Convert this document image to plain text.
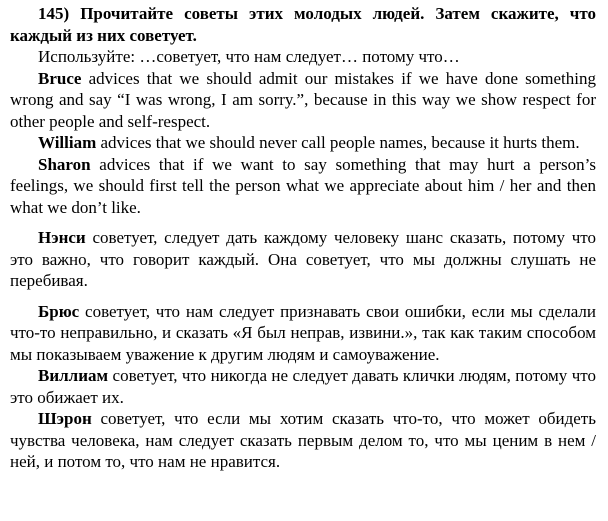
145) Прочитайте советы этих молодых людей. Затем скажите, что каждый из них советует.

Используйте: …советует, что нам следует… потому что…

Bruce advices that we should admit our mistakes if we have done something wrong and say “I was wrong, I am sorry.”, because in this way we show respect for other people and self-respect.

William advices that we should never call people names, because it hurts them.

Sharon advices that if we want to say something that may hurt a person’s feelings, we should first tell the person what we appreciate about him / her and then what we don’t like.

Нэнси советует, следует дать каждому человеку шанс сказать, потому что это важно, что говорит каждый. Она советует, что мы должны слушать не перебивая.

Брюс советует, что нам следует признавать свои ошибки, если мы сделали что-то неправильно, и сказать «Я был неправ, извини.», так как таким способом мы показываем уважение к другим людям и самоуважение.

Виллиам советует, что никогда не следует давать клички людям, потому что это обижает их.

Шэрон советует, что если мы хотим сказать что-то, что может обидеть чувства человека, нам следует сказать первым делом то, что мы ценим в нем / ней, и потом то, что нам не нравится.
